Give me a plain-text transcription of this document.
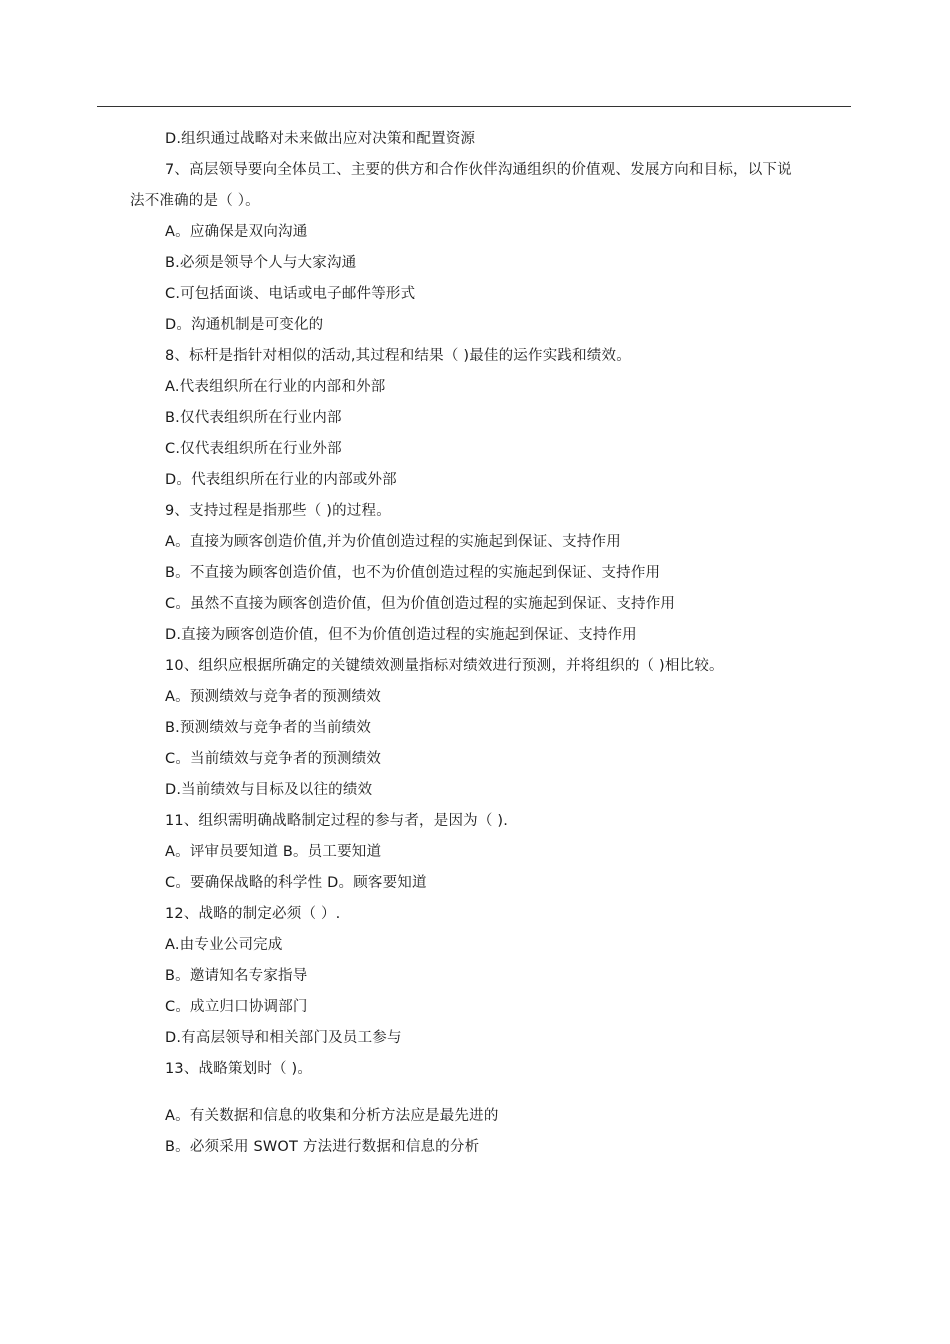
D.组织通过战略对未来做出应对决策和配置资源
7、高层领导要向全体员工、主要的供方和合作伙伴沟通组织的价值观、发展方向和目标，以下说
法不准确的是（ ）。
A。应确保是双向沟通
B.必须是领导个人与大家沟通
C.可包括面谈、电话或电子邮件等形式
D。沟通机制是可变化的
8、标杆是指针对相似的活动,其过程和结果（ )最佳的运作实践和绩效。
A.代表组织所在行业的内部和外部
B.仅代表组织所在行业内部
C.仅代表组织所在行业外部
D。代表组织所在行业的内部或外部
9、支持过程是指那些（ )的过程。
A。直接为顾客创造价值,并为价值创造过程的实施起到保证、支持作用
B。不直接为顾客创造价值，也不为价值创造过程的实施起到保证、支持作用
C。虽然不直接为顾客创造价值，但为价值创造过程的实施起到保证、支持作用
D.直接为顾客创造价值，但不为价值创造过程的实施起到保证、支持作用
10、组织应根据所确定的关键绩效测量指标对绩效进行预测，并将组织的（ )相比较。
A。预测绩效与竞争者的预测绩效
B.预测绩效与竞争者的当前绩效
C。当前绩效与竞争者的预测绩效
D.当前绩效与目标及以往的绩效
11、组织需明确战略制定过程的参与者，是因为（ ).
A。评审员要知道 B。员工要知道
C。要确保战略的科学性 D。顾客要知道
12、战略的制定必须（ ）.
A.由专业公司完成
B。邀请知名专家指导
C。成立归口协调部门
D.有高层领导和相关部门及员工参与
13、战略策划时（ )。
A。有关数据和信息的收集和分析方法应是最先进的
B。必须采用 SWOT 方法进行数据和信息的分析
